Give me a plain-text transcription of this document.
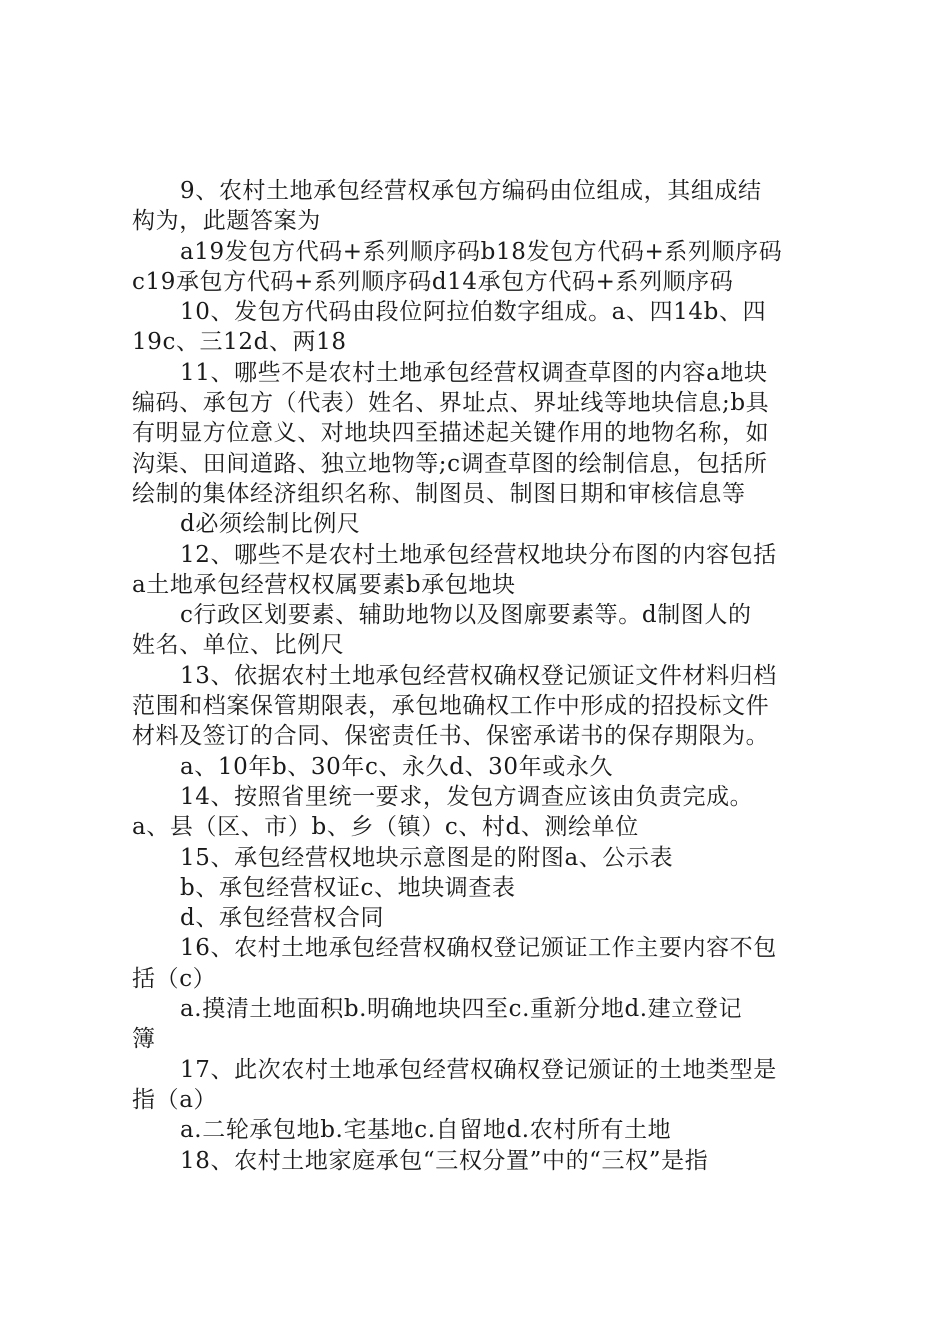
9、农村土地承包经营权承包方编码由位组成，其组成结
构为，此题答案为
a19发包方代码+系列顺序码b18发包方代码+系列顺序码
c19承包方代码+系列顺序码d14承包方代码+系列顺序码
10、发包方代码由段位阿拉伯数字组成。a、四14b、四
19c、三12d、两18
11、哪些不是农村土地承包经营权调查草图的内容a地块
编码、承包方（代表）姓名、界址点、界址线等地块信息;b具
有明显方位意义、对地块四至描述起关键作用的地物名称，如
沟渠、田间道路、独立地物等;c调查草图的绘制信息，包括所
绘制的集体经济组织名称、制图员、制图日期和审核信息等
d必须绘制比例尺
12、哪些不是农村土地承包经营权地块分布图的内容包括
a土地承包经营权权属要素b承包地块
c行政区划要素、辅助地物以及图廓要素等。d制图人的
姓名、单位、比例尺
13、依据农村土地承包经营权确权登记颁证文件材料归档
范围和档案保管期限表，承包地确权工作中形成的招投标文件
材料及签订的合同、保密责任书、保密承诺书的保存期限为。
a、10年b、30年c、永久d、30年或永久
14、按照省里统一要求，发包方调查应该由负责完成。
a、县（区、市）b、乡（镇）c、村d、测绘单位
15、承包经营权地块示意图是的附图a、公示表
b、承包经营权证c、地块调查表
d、承包经营权合同
16、农村土地承包经营权确权登记颁证工作主要内容不包
括（c）
a.摸清土地面积b.明确地块四至c.重新分地d.建立登记
簿
17、此次农村土地承包经营权确权登记颁证的土地类型是
指（a）
a.二轮承包地b.宅基地c.自留地d.农村所有土地
18、农村土地家庭承包“三权分置”中的“三权”是指
